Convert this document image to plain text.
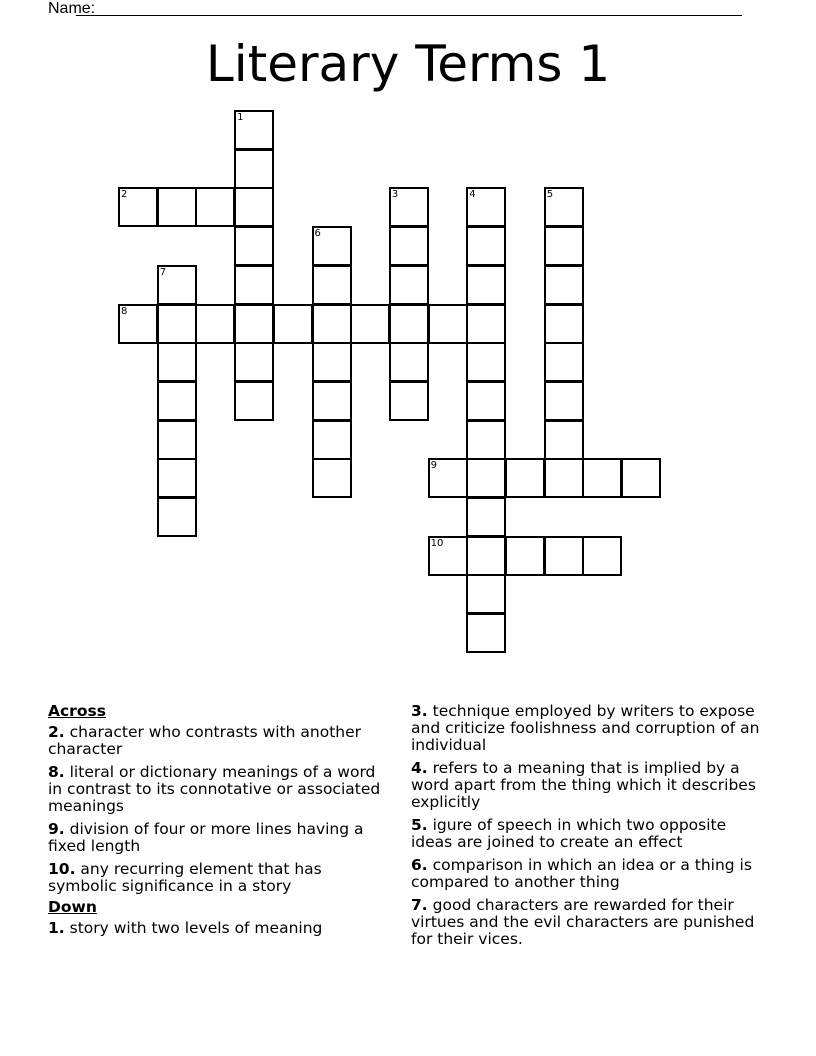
Name:
Literary Terms 1
1
2	3	4	5
6
7
8
9
10
Across
2. character who contrasts with another character
8. literal or dictionary meanings of a word in contrast to its connotative or associated meanings
9. division of four or more lines having a fixed length
10. any recurring element that has symbolic significance in a story
Down
1. story with two levels of meaning
3. technique employed by writers to expose and criticize foolishness and corruption of an individual
4. refers to a meaning that is implied by a word apart from the thing which it describes explicitly
5. igure of speech in which two opposite ideas are joined to create an effect
6. comparison in which an idea or a thing is compared to another thing
7. good characters are rewarded for their virtues and the evil characters are punished for their vices.
